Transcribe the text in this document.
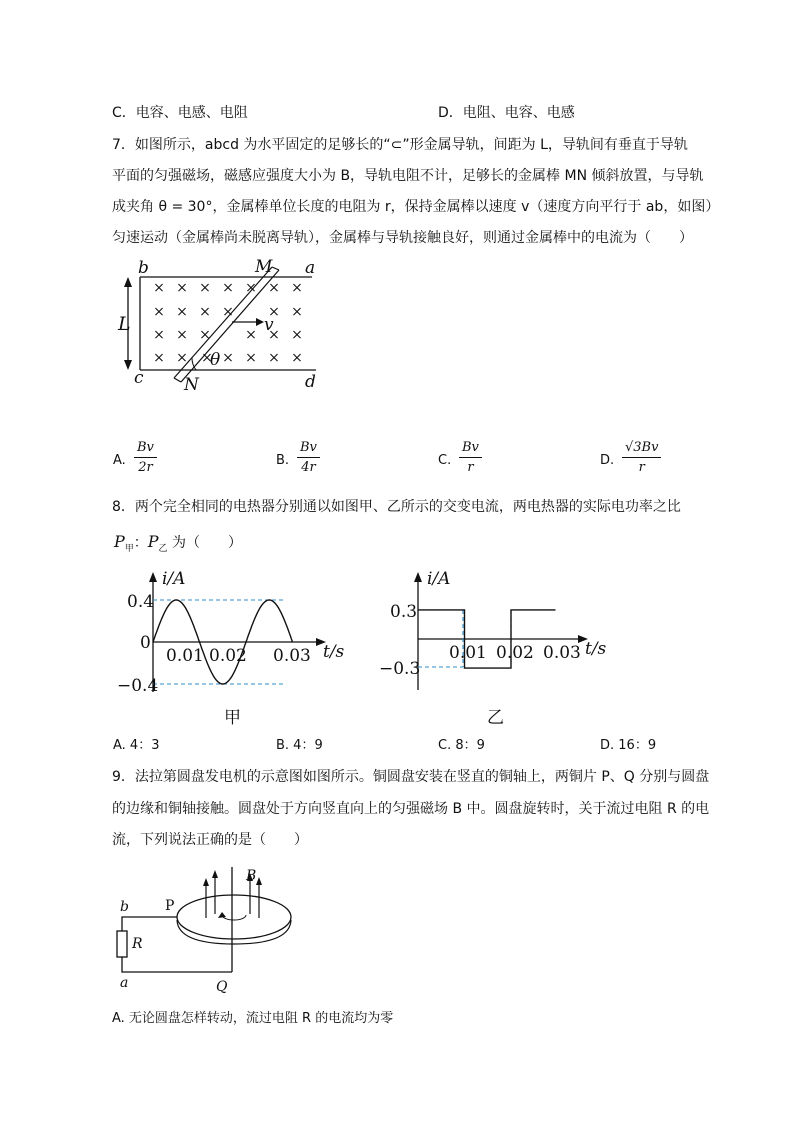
C．电容、电感、电阻	D．电阻、电容、电感
7．如图所示，abcd 为水平固定的足够长的“⊂”形金属导轨，间距为 L，导轨间有垂直于导轨
平面的匀强磁场，磁感应强度大小为 B，导轨电阻不计，足够长的金属棒 MN 倾斜放置，与导轨
成夹角 θ = 30°，金属棒单位长度的电阻为 r，保持金属棒以速度 v（速度方向平行于 ab，如图）
匀速运动（金属棒尚未脱离导轨），金属棒与导轨接触良好，则通过金属棒中的电流为（　　）
× × × × × × ×
× × × × × ×
× × × × × ×
× × × × × × ×
b	a
c	d
M
N
L	v
θ
A. $\frac{Bv}{2r}$	B. $\frac{Bv}{4r}$	C. $\frac{Bv}{r}$	D. $\frac{√3Bv}{r}$
8．两个完全相同的电热器分别通以如图甲、乙所示的交变电流，两电热器的实际电功率之比
$P_甲$：$P_乙$ 为（　　）
i/A
0.4
0
−0.4
0.01 0.02 0.03 t/s
甲
i/A
0.3
−0.3
0.01 0.02 0.03 t/s
乙
A. 4：3	B. 4：9	C. 8：9	D. 16：9
9．法拉第圆盘发电机的示意图如图所示。铜圆盘安装在竖直的铜轴上，两铜片 P、Q 分别与圆盘
的边缘和铜轴接触。圆盘处于方向竖直向上的匀强磁场 B 中。圆盘旋转时，关于流过电阻 R 的电
流，下列说法正确的是（　　）
b	P
B
R
a	Q
A. 无论圆盘怎样转动，流过电阻 R 的电流均为零
